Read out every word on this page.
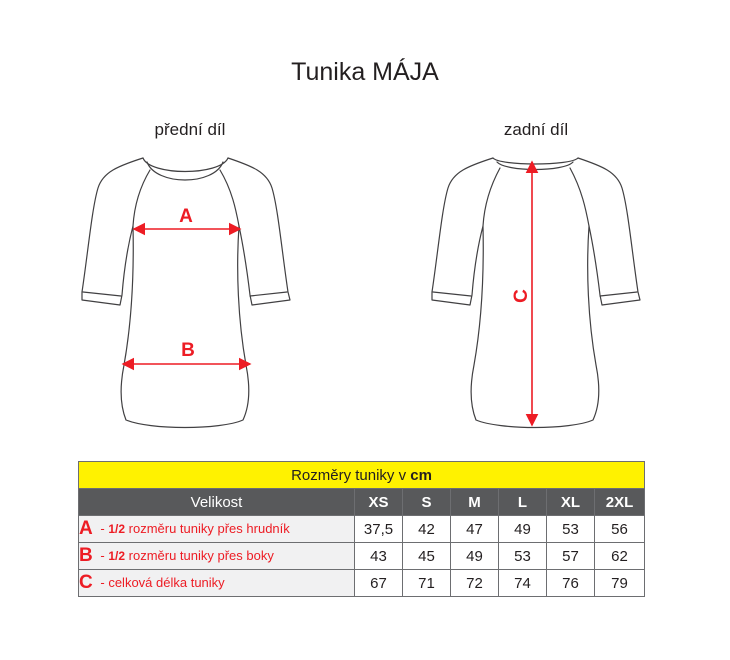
Tunika MÁJA
přední díl	zadní díl
A
B
C
Rozměry tuniky v cm						
Velikost	XS	S	M	L	XL	2XL
A - 1/2 rozměru tuniky přes hrudník	37,5	42	47	49	53	56
B - 1/2 rozměru tuniky přes boky	43	45	49	53	57	62
C - celková délka tuniky	67	71	72	74	76	79
